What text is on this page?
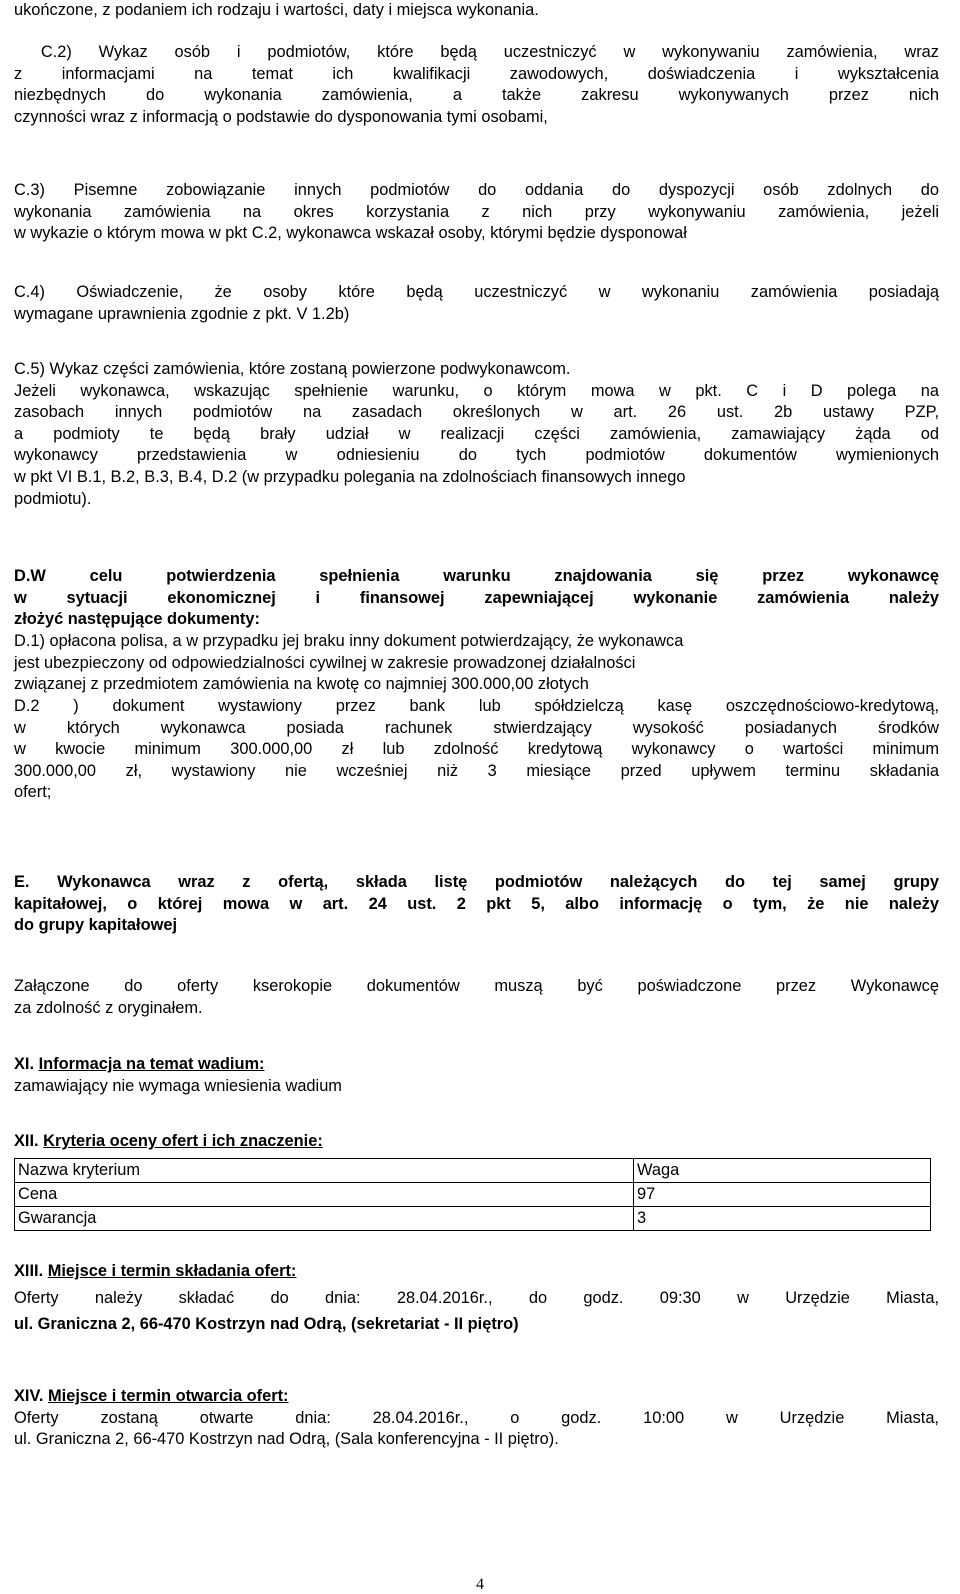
ukończone, z podaniem ich rodzaju i wartości, daty i miejsca wykonania.
C.2) Wykaz osób i podmiotów, które będą uczestniczyć w wykonywaniu zamówienia, wraz
z informacjami na temat ich kwalifikacji zawodowych, doświadczenia i wykształcenia
niezbędnych do wykonania zamówienia, a także zakresu wykonywanych przez nich
czynności wraz z informacją o podstawie do dysponowania tymi osobami,
C.3) Pisemne zobowiązanie innych podmiotów do oddania do dyspozycji osób zdolnych do
wykonania zamówienia na okres korzystania z nich przy wykonywaniu zamówienia, jeżeli
w wykazie o którym mowa w pkt C.2, wykonawca wskazał osoby, którymi będzie dysponował
C.4) Oświadczenie, że osoby które będą uczestniczyć w wykonaniu zamówienia posiadają
wymagane uprawnienia zgodnie z pkt. V 1.2b)
C.5) Wykaz części zamówienia, które zostaną powierzone podwykonawcom.
Jeżeli wykonawca, wskazując spełnienie warunku, o którym mowa w pkt. C i D polega na
zasobach innych podmiotów na zasadach określonych w art. 26 ust. 2b ustawy PZP,
a podmioty te będą brały udział w realizacji części zamówienia, zamawiający żąda od
wykonawcy przedstawienia w odniesieniu do tych podmiotów dokumentów wymienionych
w pkt VI B.1, B.2, B.3, B.4, D.2 (w przypadku polegania na zdolnościach finansowych innego
podmiotu).
D.W celu potwierdzenia spełnienia warunku znajdowania się przez wykonawcę
w sytuacji ekonomicznej i finansowej zapewniającej wykonanie zamówienia należy
złożyć następujące dokumenty:
D.1) opłacona polisa, a w przypadku jej braku inny dokument potwierdzający, że wykonawca
jest ubezpieczony od odpowiedzialności cywilnej w zakresie prowadzonej działalności
związanej z przedmiotem zamówienia na kwotę co najmniej 300.000,00 złotych
D.2 ) dokument wystawiony przez bank lub spółdzielczą kasę oszczędnościowo-kredytową,
w których wykonawca posiada rachunek stwierdzający wysokość posiadanych środków
w kwocie minimum 300.000,00 zł lub zdolność kredytową wykonawcy o wartości minimum
300.000,00 zł, wystawiony nie wcześniej niż 3 miesiące przed upływem terminu składania
ofert;
E. Wykonawca wraz z ofertą, składa listę podmiotów należących do tej samej grupy
kapitałowej, o której mowa w art. 24 ust. 2 pkt 5, albo informację o tym, że nie należy
do grupy kapitałowej
Załączone do oferty kserokopie dokumentów muszą być poświadczone przez Wykonawcę
za zdolność z oryginałem.
XI. Informacja na temat wadium:
zamawiający nie wymaga wniesienia wadium
XII. Kryteria oceny ofert i ich znaczenie:
Nazwa kryterium	Waga
Cena	97
Gwarancja	3
XIII. Miejsce i termin składania ofert:
Oferty należy składać do dnia: 28.04.2016r., do godz. 09:30 w Urzędzie Miasta,
ul. Graniczna 2, 66-470 Kostrzyn nad Odrą, (sekretariat - II piętro)
XIV. Miejsce i termin otwarcia ofert:
Oferty zostaną otwarte dnia: 28.04.2016r., o godz. 10:00 w Urzędzie Miasta,
ul. Graniczna 2, 66-470 Kostrzyn nad Odrą, (Sala konferencyjna - II piętro).
4
